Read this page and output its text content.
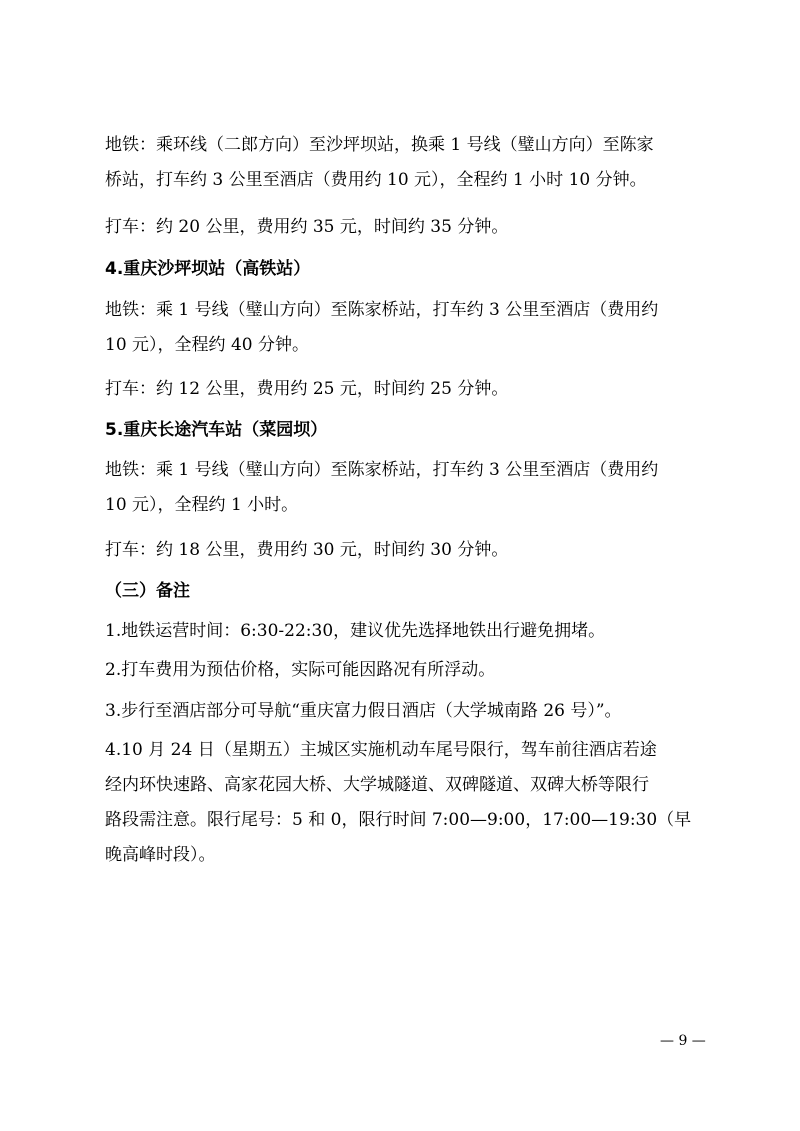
地铁：乘环线（二郎方向）至沙坪坝站，换乘 1 号线（璧山方向）至陈家
桥站，打车约 3 公里至酒店（费用约 10 元），全程约 1 小时 10 分钟。

打车：约 20 公里，费用约 35 元，时间约 35 分钟。

4.重庆沙坪坝站（高铁站）

地铁：乘 1 号线（璧山方向）至陈家桥站，打车约 3 公里至酒店（费用约
10 元），全程约 40 分钟。

打车：约 12 公里，费用约 25 元，时间约 25 分钟。

5.重庆长途汽车站（菜园坝）

地铁：乘 1 号线（璧山方向）至陈家桥站，打车约 3 公里至酒店（费用约
10 元），全程约 1 小时。

打车：约 18 公里，费用约 30 元，时间约 30 分钟。

（三）备注

1.地铁运营时间：6:30-22:30，建议优先选择地铁出行避免拥堵。

2.打车费用为预估价格，实际可能因路况有所浮动。

3.步行至酒店部分可导航“重庆富力假日酒店（大学城南路 26 号）”。

4.10 月 24 日（星期五）主城区实施机动车尾号限行，驾车前往酒店若途
经内环快速路、高家花园大桥、大学城隧道、双碑隧道、双碑大桥等限行
路段需注意。限行尾号：5 和 0，限行时间 7:00—9:00，17:00—19:30（早
晚高峰时段）。

— 9 —
